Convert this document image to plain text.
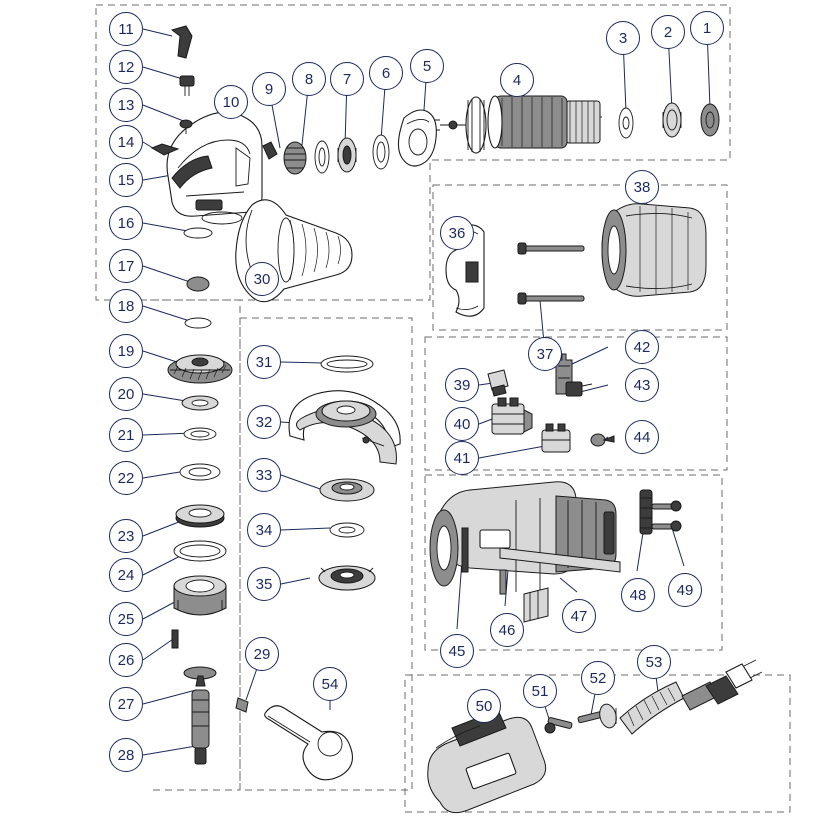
11
12
13
14
15
16
17
18
19
20
21
22
23
24
25
26
27
28
10
9
8	7	6	5
4
3	2	1
30
31
32
33
34
35
29
54
36
37
38
39
40
41
42
43
44
45
46
47
48	49
50
51
52
53
